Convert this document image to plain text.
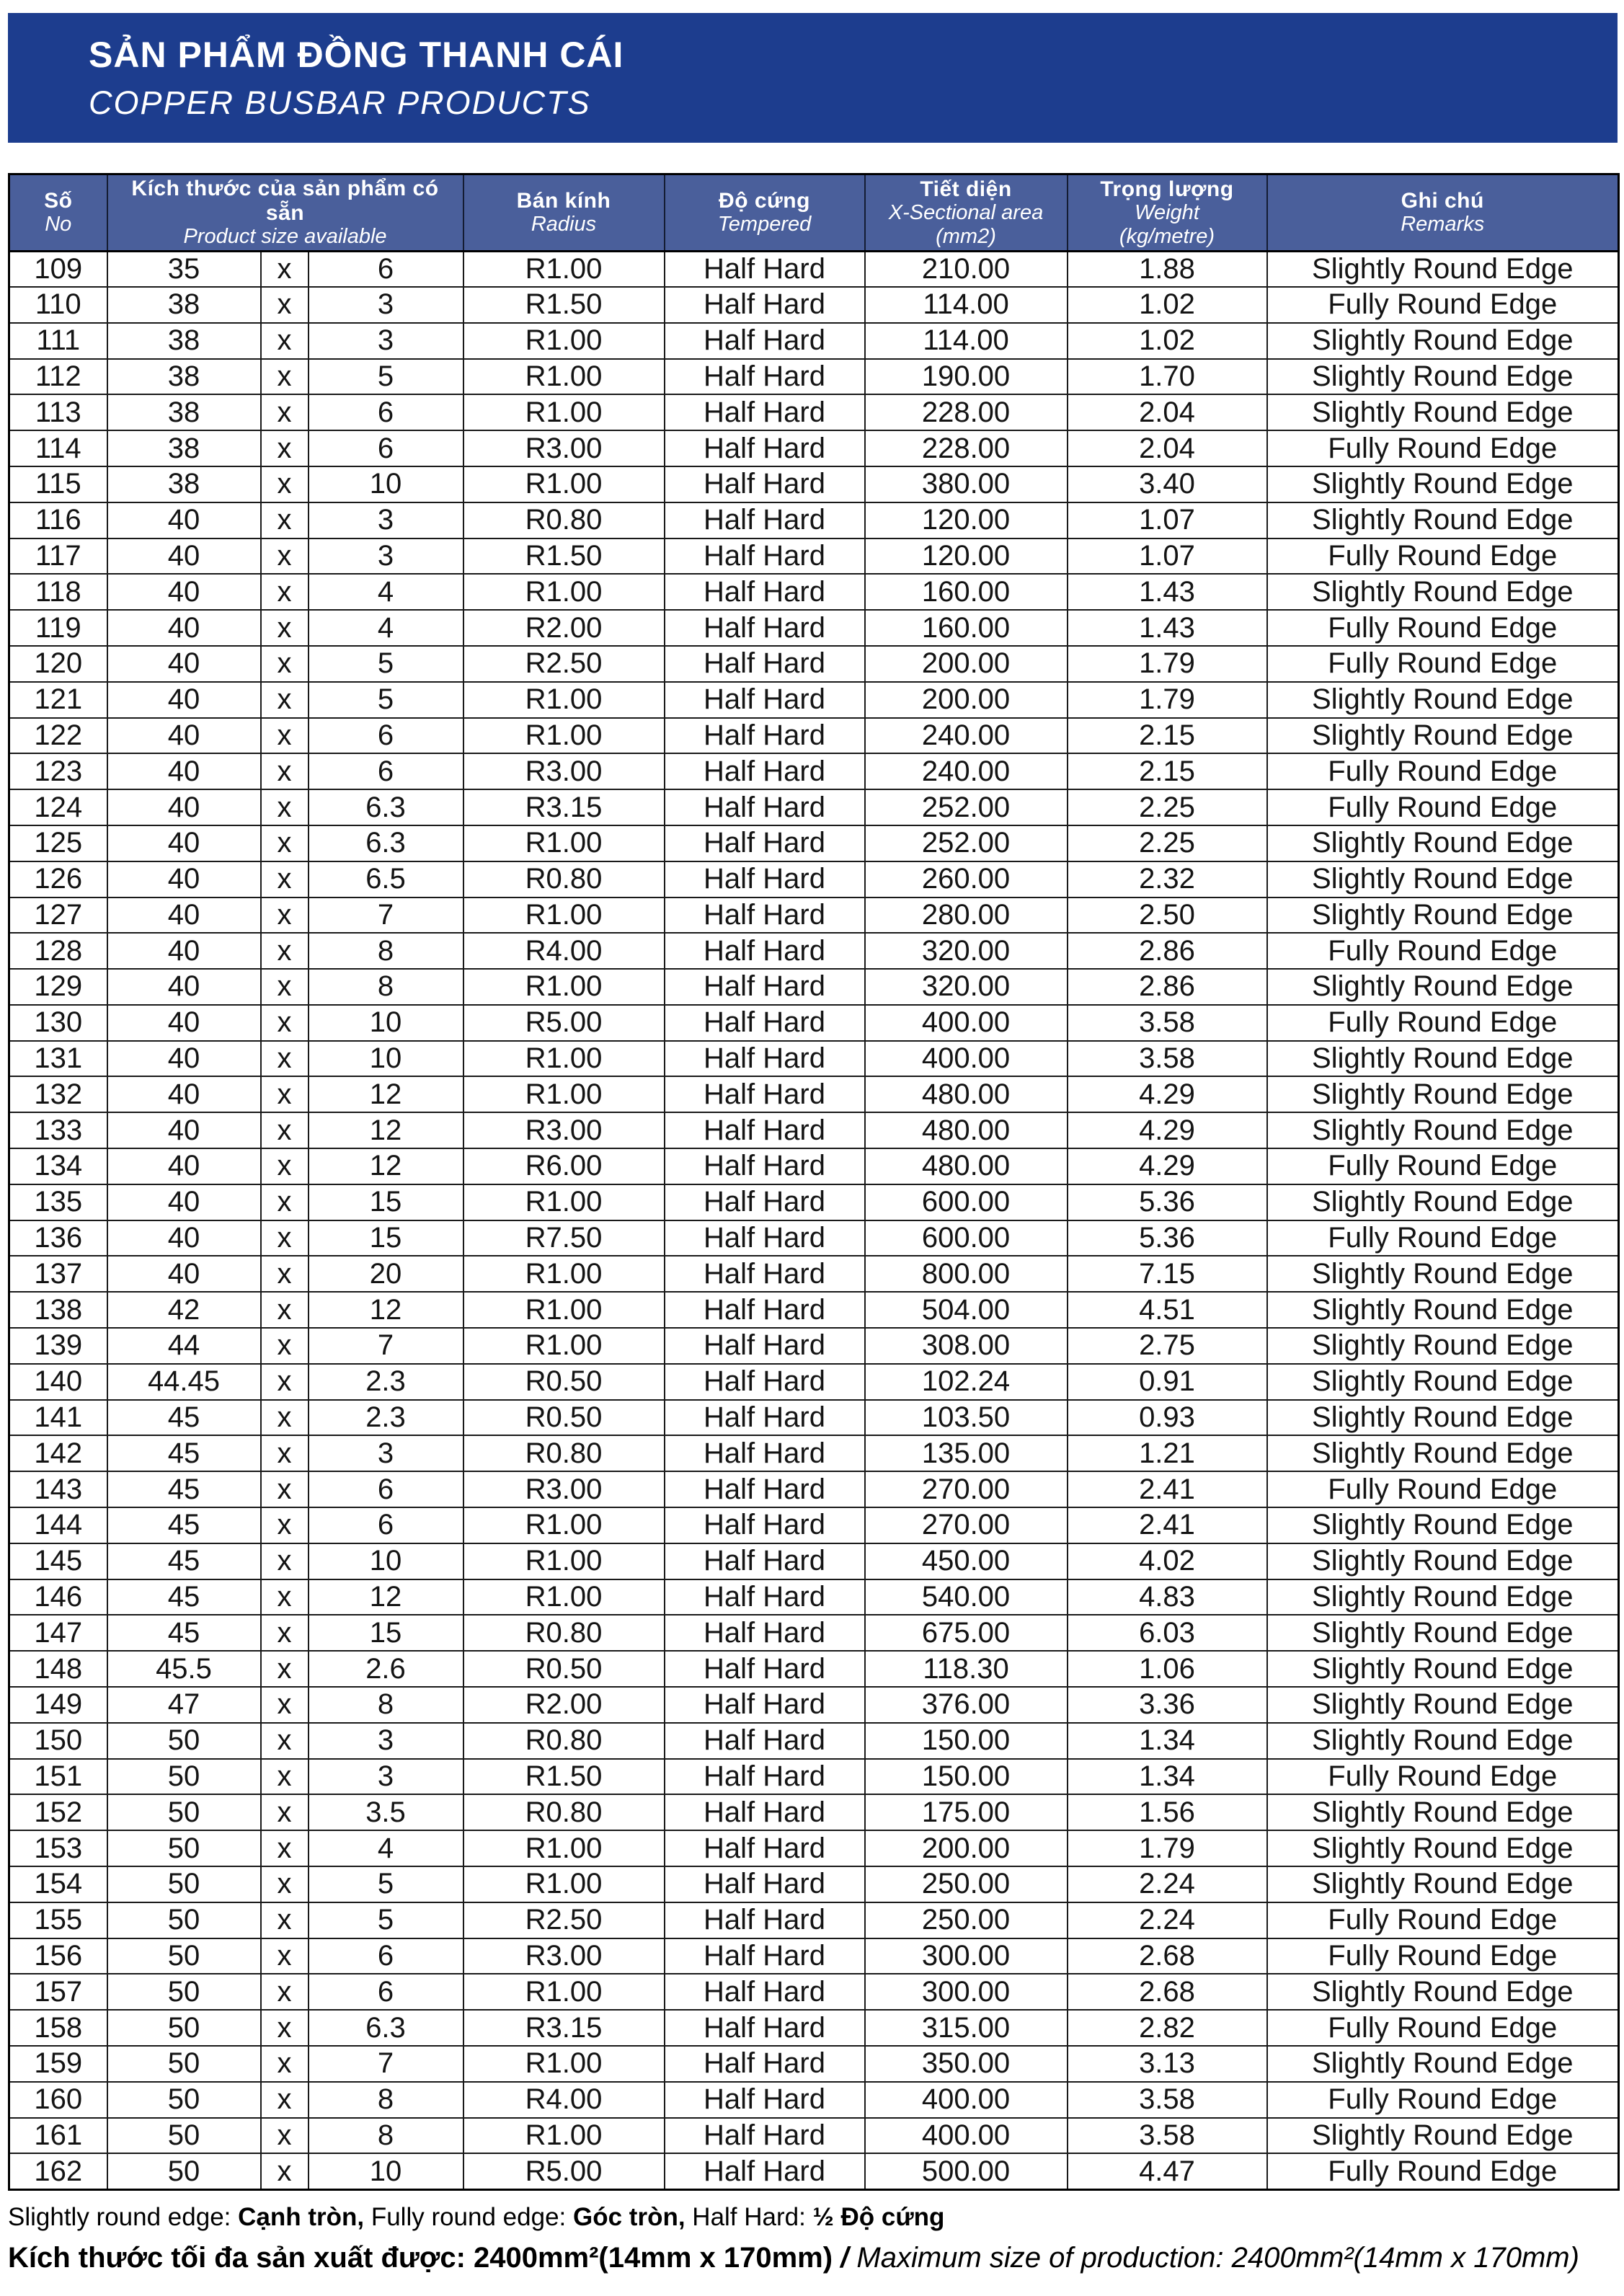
SẢN PHẨM ĐỒNG THANH CÁI
COPPER BUSBAR PRODUCTS
Số
No

Kích thước của sản phẩm có sẵn
Product size available

Bán kính
Radius

Độ cứng
Tempered

Tiết diện
X-Sectional area
(mm2)

Trọng lượng
Weight
(kg/metre)

Ghi chú
Remarks

109	35	x	6	R1.00	Half Hard	210.00	1.88	Slightly Round Edge
110	38	x	3	R1.50	Half Hard	114.00	1.02	Fully Round Edge
111	38	x	3	R1.00	Half Hard	114.00	1.02	Slightly Round Edge
112	38	x	5	R1.00	Half Hard	190.00	1.70	Slightly Round Edge
113	38	x	6	R1.00	Half Hard	228.00	2.04	Slightly Round Edge
114	38	x	6	R3.00	Half Hard	228.00	2.04	Fully Round Edge
115	38	x	10	R1.00	Half Hard	380.00	3.40	Slightly Round Edge
116	40	x	3	R0.80	Half Hard	120.00	1.07	Slightly Round Edge
117	40	x	3	R1.50	Half Hard	120.00	1.07	Fully Round Edge
118	40	x	4	R1.00	Half Hard	160.00	1.43	Slightly Round Edge
119	40	x	4	R2.00	Half Hard	160.00	1.43	Fully Round Edge
120	40	x	5	R2.50	Half Hard	200.00	1.79	Fully Round Edge
121	40	x	5	R1.00	Half Hard	200.00	1.79	Slightly Round Edge
122	40	x	6	R1.00	Half Hard	240.00	2.15	Slightly Round Edge
123	40	x	6	R3.00	Half Hard	240.00	2.15	Fully Round Edge
124	40	x	6.3	R3.15	Half Hard	252.00	2.25	Fully Round Edge
125	40	x	6.3	R1.00	Half Hard	252.00	2.25	Slightly Round Edge
126	40	x	6.5	R0.80	Half Hard	260.00	2.32	Slightly Round Edge
127	40	x	7	R1.00	Half Hard	280.00	2.50	Slightly Round Edge
128	40	x	8	R4.00	Half Hard	320.00	2.86	Fully Round Edge
129	40	x	8	R1.00	Half Hard	320.00	2.86	Slightly Round Edge
130	40	x	10	R5.00	Half Hard	400.00	3.58	Fully Round Edge
131	40	x	10	R1.00	Half Hard	400.00	3.58	Slightly Round Edge
132	40	x	12	R1.00	Half Hard	480.00	4.29	Slightly Round Edge
133	40	x	12	R3.00	Half Hard	480.00	4.29	Slightly Round Edge
134	40	x	12	R6.00	Half Hard	480.00	4.29	Fully Round Edge
135	40	x	15	R1.00	Half Hard	600.00	5.36	Slightly Round Edge
136	40	x	15	R7.50	Half Hard	600.00	5.36	Fully Round Edge
137	40	x	20	R1.00	Half Hard	800.00	7.15	Slightly Round Edge
138	42	x	12	R1.00	Half Hard	504.00	4.51	Slightly Round Edge
139	44	x	7	R1.00	Half Hard	308.00	2.75	Slightly Round Edge
140	44.45	x	2.3	R0.50	Half Hard	102.24	0.91	Slightly Round Edge
141	45	x	2.3	R0.50	Half Hard	103.50	0.93	Slightly Round Edge
142	45	x	3	R0.80	Half Hard	135.00	1.21	Slightly Round Edge
143	45	x	6	R3.00	Half Hard	270.00	2.41	Fully Round Edge
144	45	x	6	R1.00	Half Hard	270.00	2.41	Slightly Round Edge
145	45	x	10	R1.00	Half Hard	450.00	4.02	Slightly Round Edge
146	45	x	12	R1.00	Half Hard	540.00	4.83	Slightly Round Edge
147	45	x	15	R0.80	Half Hard	675.00	6.03	Slightly Round Edge
148	45.5	x	2.6	R0.50	Half Hard	118.30	1.06	Slightly Round Edge
149	47	x	8	R2.00	Half Hard	376.00	3.36	Slightly Round Edge
150	50	x	3	R0.80	Half Hard	150.00	1.34	Slightly Round Edge
151	50	x	3	R1.50	Half Hard	150.00	1.34	Fully Round Edge
152	50	x	3.5	R0.80	Half Hard	175.00	1.56	Slightly Round Edge
153	50	x	4	R1.00	Half Hard	200.00	1.79	Slightly Round Edge
154	50	x	5	R1.00	Half Hard	250.00	2.24	Slightly Round Edge
155	50	x	5	R2.50	Half Hard	250.00	2.24	Fully Round Edge
156	50	x	6	R3.00	Half Hard	300.00	2.68	Fully Round Edge
157	50	x	6	R1.00	Half Hard	300.00	2.68	Slightly Round Edge
158	50	x	6.3	R3.15	Half Hard	315.00	2.82	Fully Round Edge
159	50	x	7	R1.00	Half Hard	350.00	3.13	Slightly Round Edge
160	50	x	8	R4.00	Half Hard	400.00	3.58	Fully Round Edge
161	50	x	8	R1.00	Half Hard	400.00	3.58	Slightly Round Edge
162	50	x	10	R5.00	Half Hard	500.00	4.47	Fully Round Edge
Slightly round edge: Cạnh tròn, Fully round edge: Góc tròn, Half Hard: ½ Độ cứng
Kích thước tối đa sản xuất được: 2400mm²(14mm x 170mm) / Maximum size of production: 2400mm²(14mm x 170mm)
